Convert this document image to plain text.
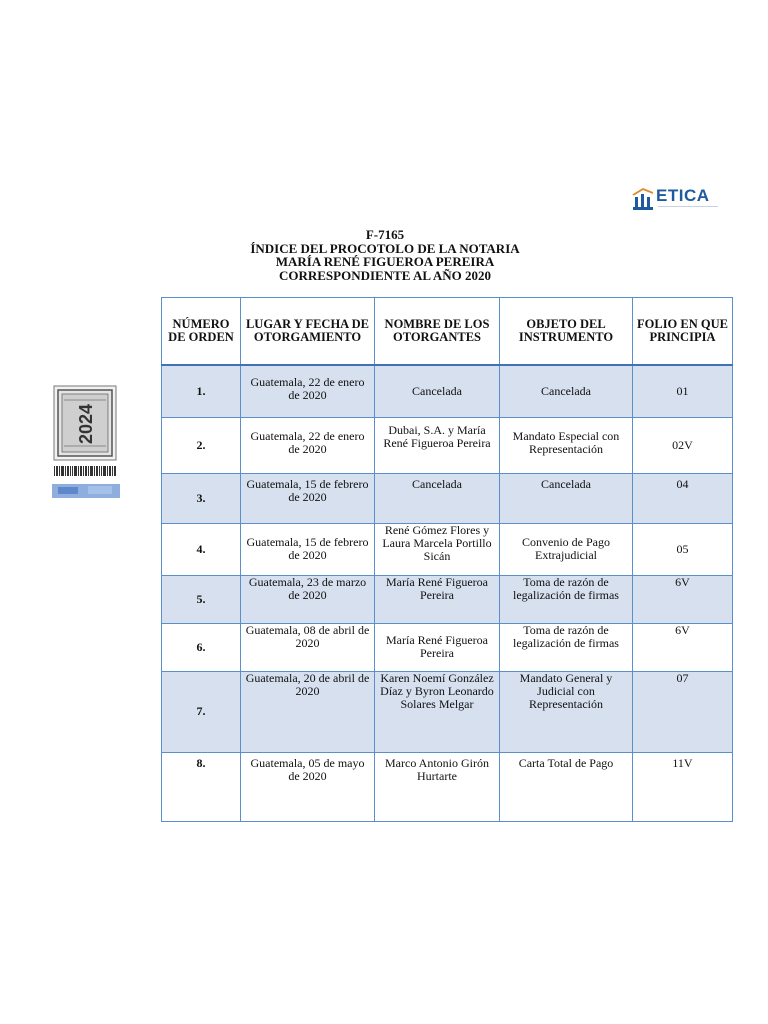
ETICA
F-7165
ÍNDICE DEL PROCOTOLO DE LA NOTARIA
MARÍA RENÉ FIGUEROA PEREIRA
CORRESPONDIENTE AL AÑO 2020
2024
NÚMERO DE ORDEN	LUGAR Y FECHA DE OTORGAMIENTO	NOMBRE DE LOS OTORGANTES	OBJETO DEL INSTRUMENTO	FOLIO EN QUE PRINCIPIA
1.	Guatemala, 22 de enero de 2020	Cancelada	Cancelada	01
2.	Guatemala, 22 de enero de 2020	Dubai, S.A. y María René Figueroa Pereira	Mandato Especial con Representación	02V
3.	Guatemala, 15 de febrero de 2020	Cancelada	Cancelada	04
4.	Guatemala, 15 de febrero de 2020	René Gómez Flores y Laura Marcela Portillo Sicán	Convenio de Pago Extrajudicial	05
5.	Guatemala, 23 de marzo de 2020	María René Figueroa Pereira	Toma de razón de legalización de firmas	6V
6.	Guatemala, 08 de abril de 2020	María René Figueroa Pereira	Toma de razón de legalización de firmas	6V
7.	Guatemala, 20 de abril de 2020	Karen Noemí González Díaz y Byron Leonardo Solares Melgar	Mandato General y Judicial con Representación	07
8.	Guatemala, 05 de mayo de 2020	Marco Antonio Girón Hurtarte	Carta Total de Pago	11V
